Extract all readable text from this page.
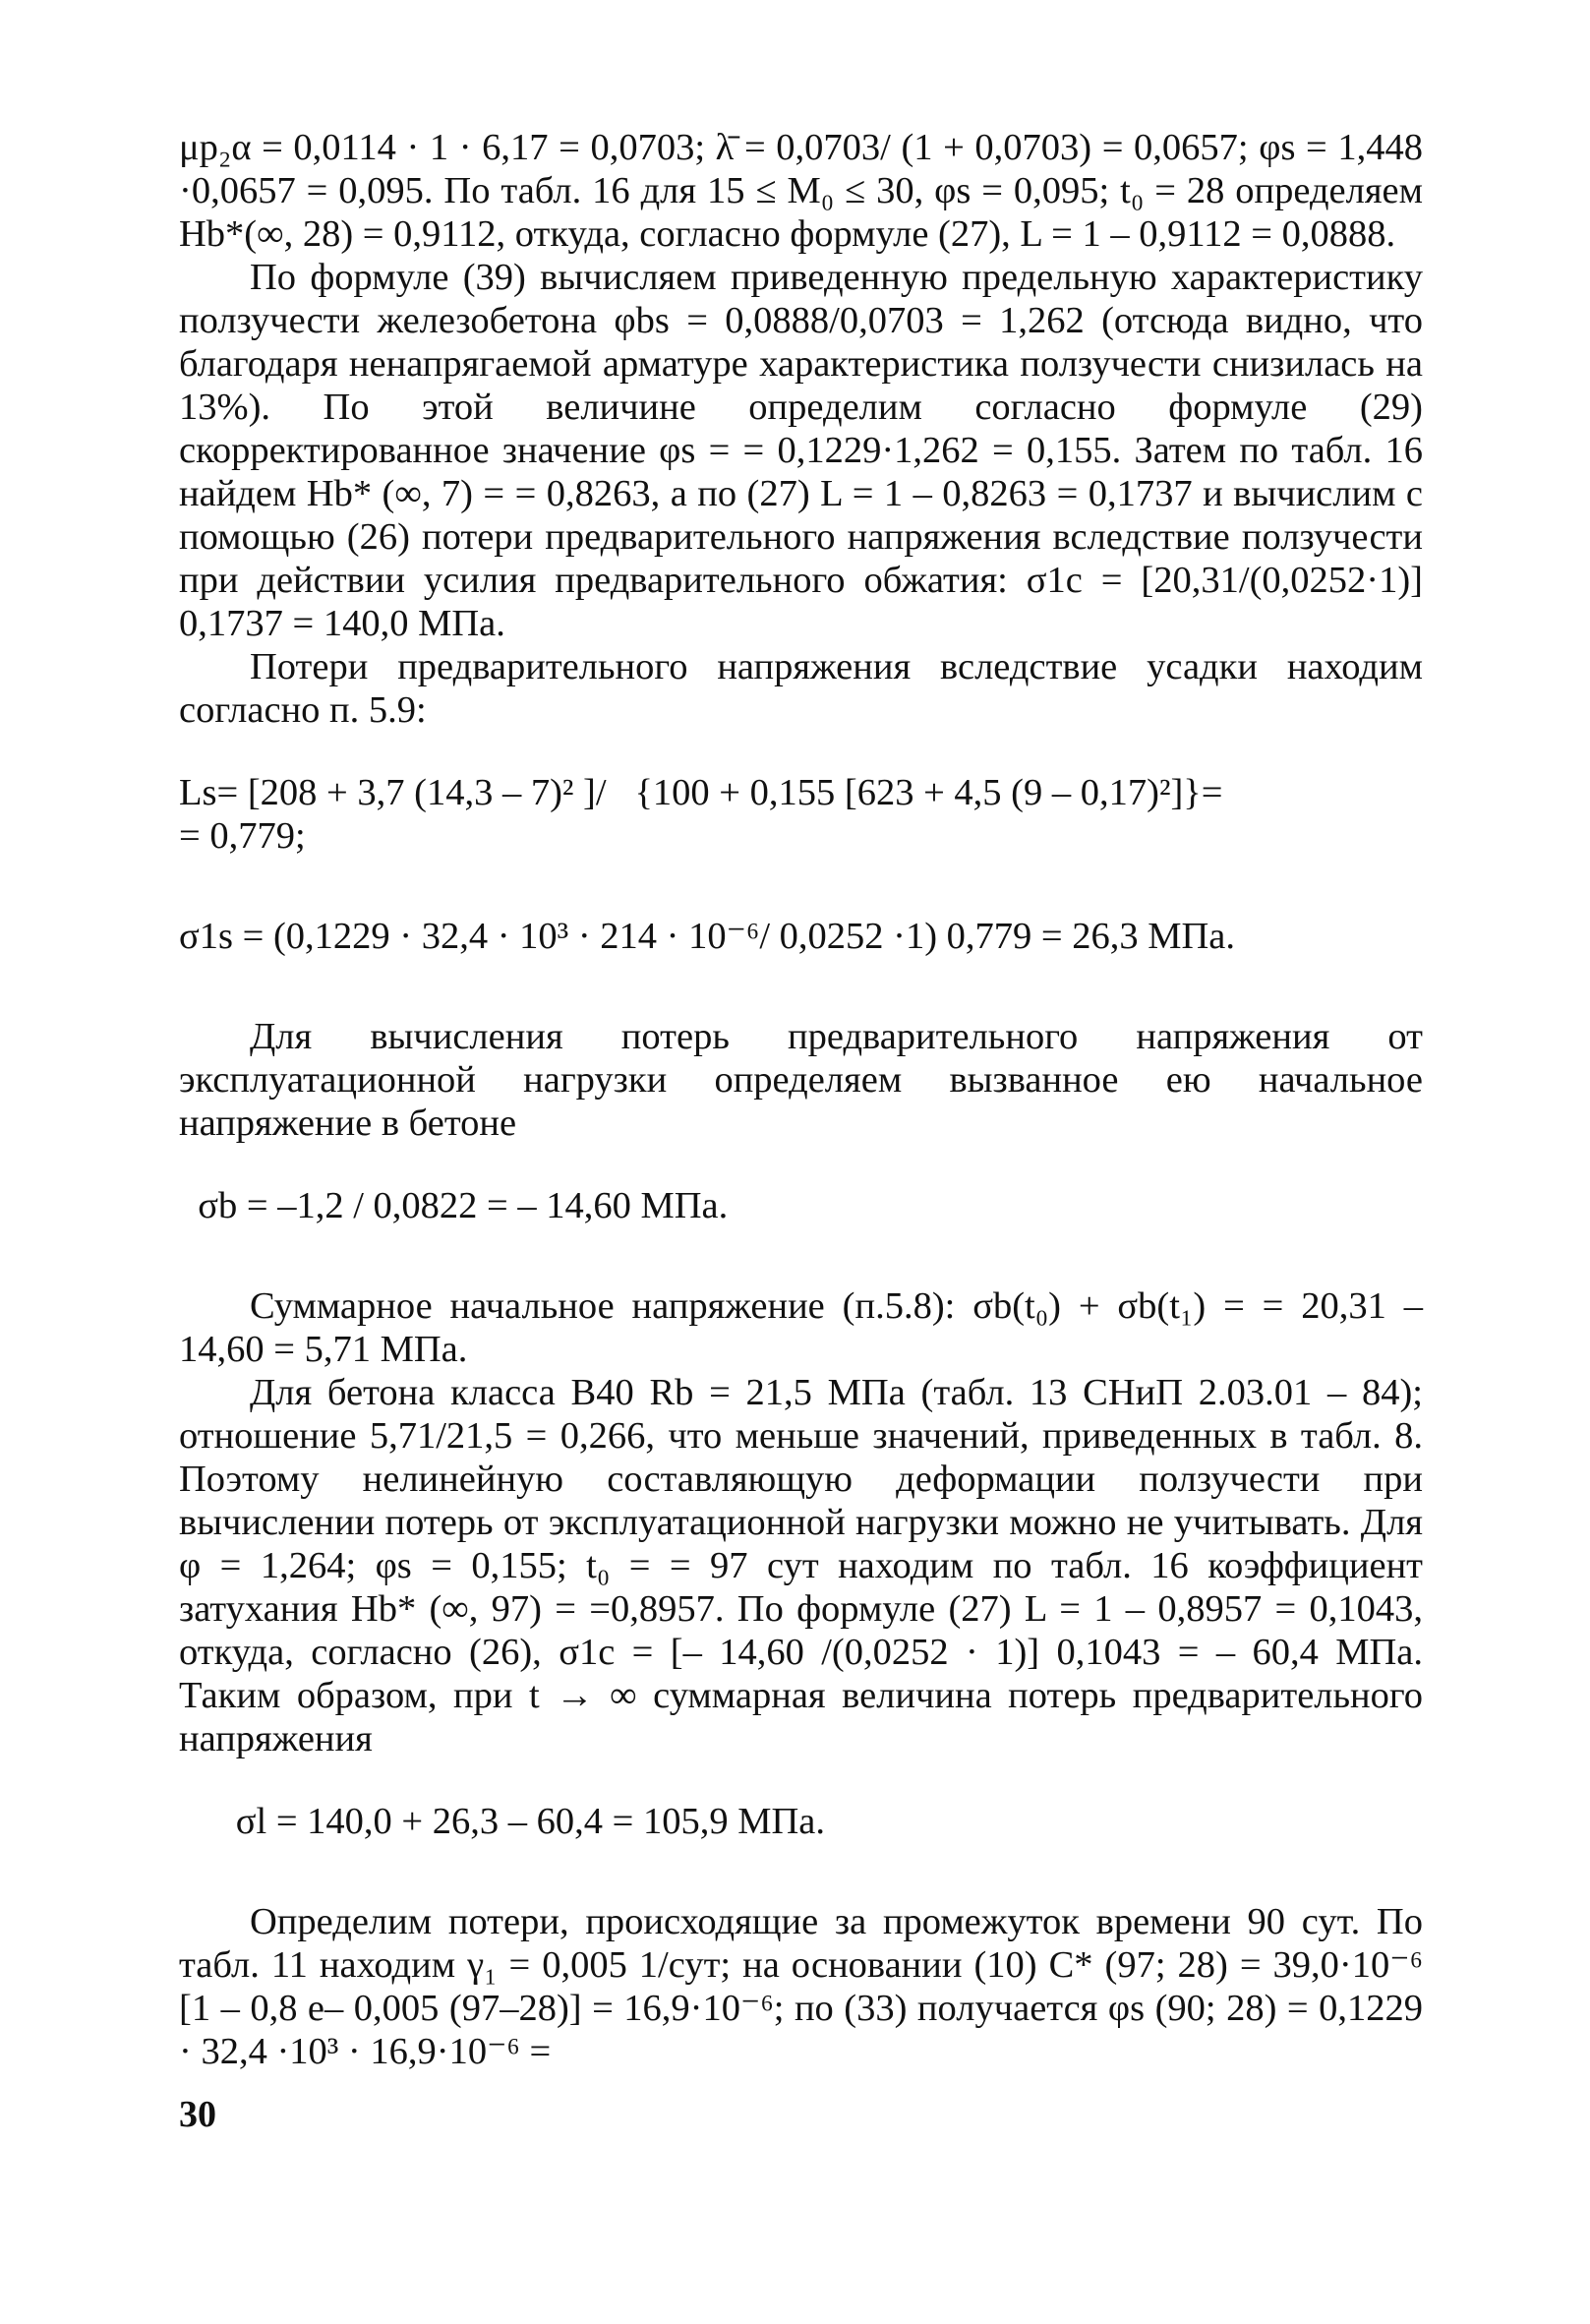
μp₂α = 0,0114 · 1 · 6,17 = 0,0703; λ̄ = 0,0703/ (1 + 0,0703) = 0,0657; φs = 1,448 ·0,0657 = 0,095. По табл. 16 для 15 ≤ M₀ ≤ 30, φs = 0,095; t₀ = 28 определяем Hb*(∞, 28) = 0,9112, откуда, согласно формуле (27), L = 1 – 0,9112 = 0,0888.
По формуле (39) вычисляем приведенную предельную характеристику ползучести железобетона φbs = 0,0888/0,0703 = 1,262 (отсюда видно, что благодаря ненапрягаемой арматуре характеристика ползучести снизилась на 13%). По этой величине определим согласно формуле (29) скорректированное значение φs = = 0,1229·1,262 = 0,155. Затем по табл. 16 найдем Hb* (∞, 7) = = 0,8263, а по (27) L = 1 – 0,8263 = 0,1737 и вычислим с помощью (26) потери предварительного напряжения вследствие ползучести при действии усилия предварительного обжатия: σ1c = [20,31/(0,0252·1)] 0,1737 = 140,0 МПа.
Потери предварительного напряжения вследствие усадки находим согласно п. 5.9:
Ls= [208 + 3,7 (14,3 – 7)² ]/   {100 + 0,155 [623 + 4,5 (9 – 0,17)²]}=
= 0,779;
σ1s = (0,1229 · 32,4 · 10³ · 214 · 10⁻⁶/ 0,0252 ·1) 0,779 = 26,3 МПа.
Для вычисления потерь предварительного напряжения от эксплуатационной нагрузки определяем вызванное ею начальное напряжение в бетоне
σb = –1,2 / 0,0822 = – 14,60 МПа.
Суммарное начальное напряжение (п.5.8): σb(t₀) + σb(t₁) = = 20,31 – 14,60 = 5,71 МПа.
Для бетона класса В40 Rb = 21,5 МПа (табл. 13 СНиП 2.03.01 – 84); отношение 5,71/21,5 = 0,266, что меньше значений, приведенных в табл. 8. Поэтому нелинейную составляющую деформации ползучести при вычислении потерь от эксплуатационной нагрузки можно не учитывать. Для φ = 1,264; φs = 0,155; t₀ = = 97 сут находим по табл. 16 коэффициент затухания Hb* (∞, 97) = =0,8957. По формуле (27) L = 1 – 0,8957 = 0,1043, откуда, согласно (26), σ1c = [– 14,60 /(0,0252 · 1)] 0,1043 = – 60,4 МПа. Таким образом, при t → ∞ суммарная величина потерь предварительного напряжения
σl = 140,0 + 26,3 – 60,4 = 105,9 МПа.
Определим потери, происходящие за промежуток времени 90 сут. По табл. 11 находим γ₁ = 0,005 1/сут; на основании (10) C* (97; 28) = 39,0·10⁻⁶ [1 – 0,8 e– 0,005 (97–28)] = 16,9·10⁻⁶; по (33) получается φs (90; 28) = 0,1229 · 32,4 ·10³ · 16,9·10⁻⁶ =
30
